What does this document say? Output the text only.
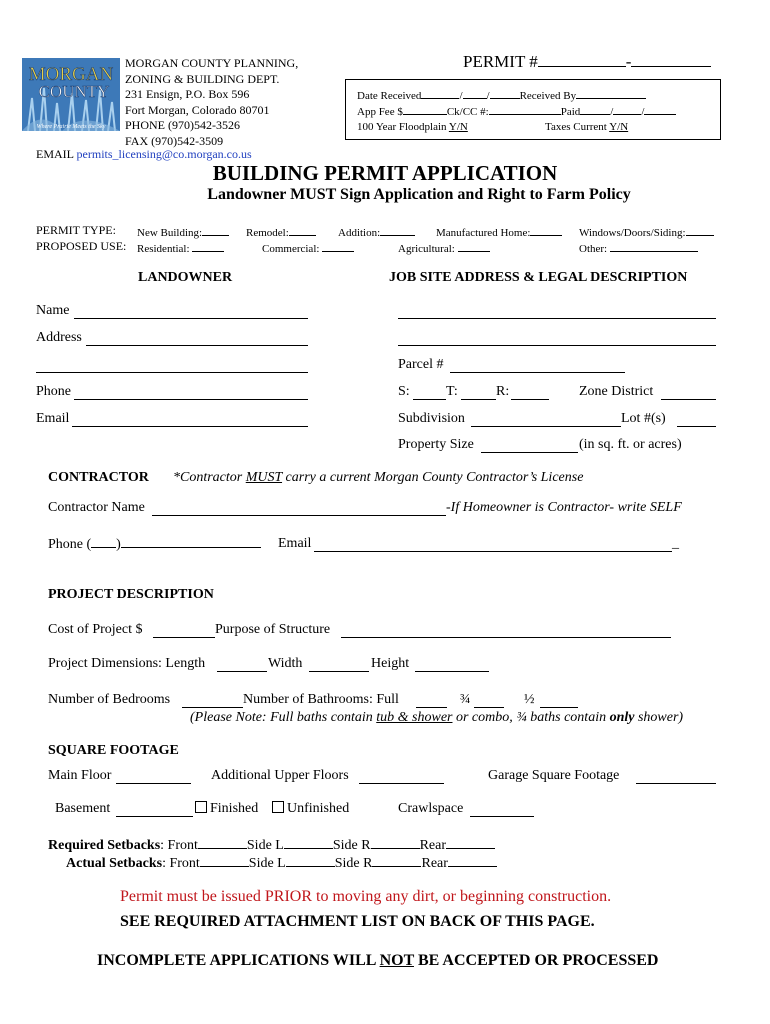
MORGAN
COUNTY
Where Prairie Meets the Sky
MORGAN COUNTY PLANNING,
ZONING & BUILDING DEPT.
231 Ensign, P.O. Box 596
Fort Morgan, Colorado 80701
PHONE (970)542-3526
FAX (970)542-3509
EMAIL permits_licensing@co.morgan.co.us
PERMIT #	-
Date Received	/ /	Received By
App Fee $	Ck/CC #:	Paid	/	/
100 Year Floodplain Y/N	Taxes Current Y/N
BUILDING PERMIT APPLICATION
Landowner MUST Sign Application and Right to Farm Policy
PERMIT TYPE: New Building:	Remodel:	Addition:	Manufactured Home:	Windows/Doors/Siding:
PROPOSED USE: Residential:	Commercial:	Agricultural:	Other:
LANDOWNER	JOB SITE ADDRESS & LEGAL DESCRIPTION
Name
Address
Phone
Email
Parcel #
S:	T:	R:	Zone District
Subdivision	Lot #(s)
Property Size	(in sq. ft. or acres)
CONTRACTOR *Contractor MUST carry a current Morgan County Contractor’s License
Contractor Name	-If Homeowner is Contractor- write SELF
Phone ( )	Email	_
PROJECT DESCRIPTION
Cost of Project $	Purpose of Structure
Project Dimensions: Length	Width	Height
Number of Bedrooms	Number of Bathrooms: Full	¾	½
(Please Note: Full baths contain tub & shower or combo, ¾ baths contain only shower)
SQUARE FOOTAGE
Main Floor	Additional Upper Floors	Garage Square Footage
Basement	Finished	Unfinished	Crawlspace
Required Setbacks: Front	Side L	Side R	Rear
Actual Setbacks: Front	Side L	Side R	Rear
Permit must be issued PRIOR to moving any dirt, or beginning construction.
SEE REQUIRED ATTACHMENT LIST ON BACK OF THIS PAGE.
INCOMPLETE APPLICATIONS WILL NOT BE ACCEPTED OR PROCESSED
